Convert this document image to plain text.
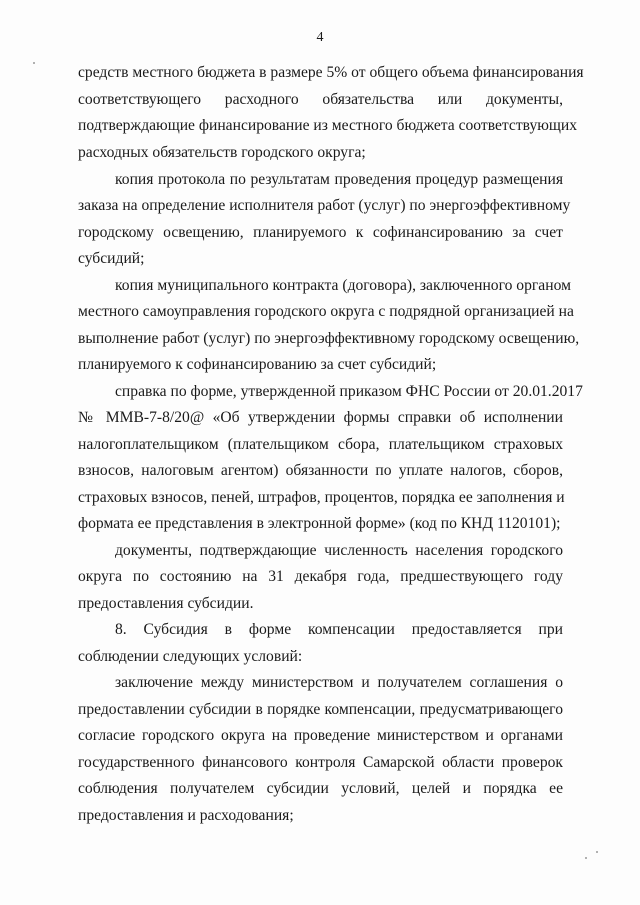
4
средств местного бюджета в размере 5% от общего объема финансирования
соответствующего расходного обязательства или документы,
подтверждающие финансирование из местного бюджета соответствующих
расходных обязательств городского округа;
копия протокола по результатам проведения процедур размещения
заказа на определение исполнителя работ (услуг) по энергоэффективному
городскому освещению, планируемого к софинансированию за счет
субсидий;
копия муниципального контракта (договора), заключенного органом
местного самоуправления городского округа с подрядной организацией на
выполнение работ (услуг) по энергоэффективному городскому освещению,
планируемого к софинансированию за счет субсидий;
справка по форме, утвержденной приказом ФНС России от 20.01.2017
№ ММВ-7-8/20@ «Об утверждении формы справки об исполнении
налогоплательщиком (плательщиком сбора, плательщиком страховых
взносов, налоговым агентом) обязанности по уплате налогов, сборов,
страховых взносов, пеней, штрафов, процентов, порядка ее заполнения и
формата ее представления в электронной форме» (код по КНД 1120101);
документы, подтверждающие численность населения городского
округа по состоянию на 31 декабря года, предшествующего году
предоставления субсидии.
8. Субсидия в форме компенсации предоставляется при
соблюдении следующих условий:
заключение между министерством и получателем соглашения о
предоставлении субсидии в порядке компенсации, предусматривающего
согласие городского округа на проведение министерством и органами
государственного финансового контроля Самарской области проверок
соблюдения получателем субсидии условий, целей и порядка ее
предоставления и расходования;
